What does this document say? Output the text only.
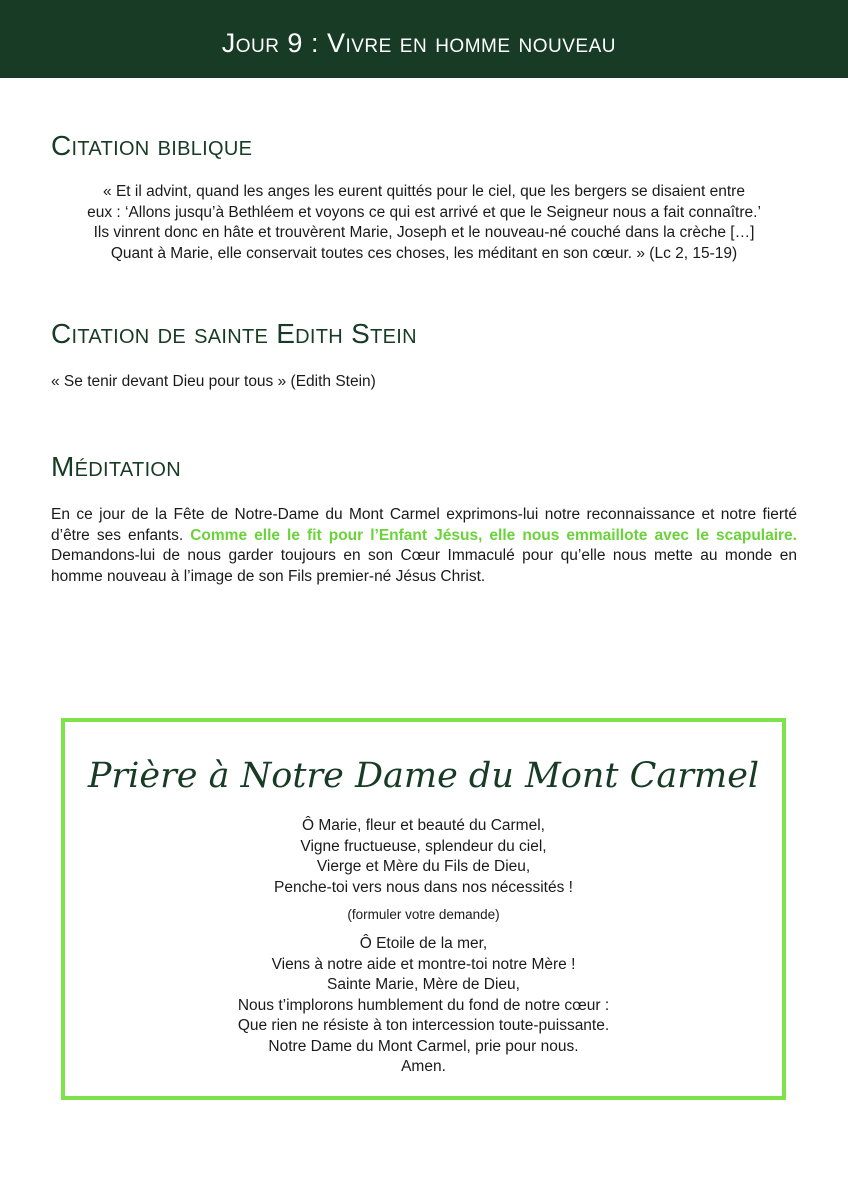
Jour 9 : Vivre en homme nouveau
Citation biblique
« Et il advint, quand les anges les eurent quittés pour le ciel, que les bergers se disaient entre
eux : ‘Allons jusqu’à Bethléem et voyons ce qui est arrivé et que le Seigneur nous a fait connaître.’
Ils vinrent donc en hâte et trouvèrent Marie, Joseph et le nouveau-né couché dans la crèche […]
Quant à Marie, elle conservait toutes ces choses, les méditant en son cœur. » (Lc 2, 15-19)
Citation de sainte Edith Stein

« Se tenir devant Dieu pour tous » (Edith Stein)

Méditation

En ce jour de la Fête de Notre-Dame du Mont Carmel exprimons-lui notre reconnaissance et notre fierté d’être ses enfants. Comme elle le fit pour l’Enfant Jésus, elle nous emmaillote avec le scapulaire. Demandons-lui de nous garder toujours en son Cœur Immaculé pour qu’elle nous mette au monde en homme nouveau à l’image de son Fils premier-né Jésus Christ.

Prière à Notre Dame du Mont Carmel
Ô Marie, fleur et beauté du Carmel,
Vigne fructueuse, splendeur du ciel,
Vierge et Mère du Fils de Dieu,
Penche-toi vers nous dans nos nécessités !
(formuler votre demande)
Ô Etoile de la mer,
Viens à notre aide et montre-toi notre Mère !
Sainte Marie, Mère de Dieu,
Nous t’implorons humblement du fond de notre cœur :
Que rien ne résiste à ton intercession toute-puissante.
Notre Dame du Mont Carmel, prie pour nous.
Amen.
